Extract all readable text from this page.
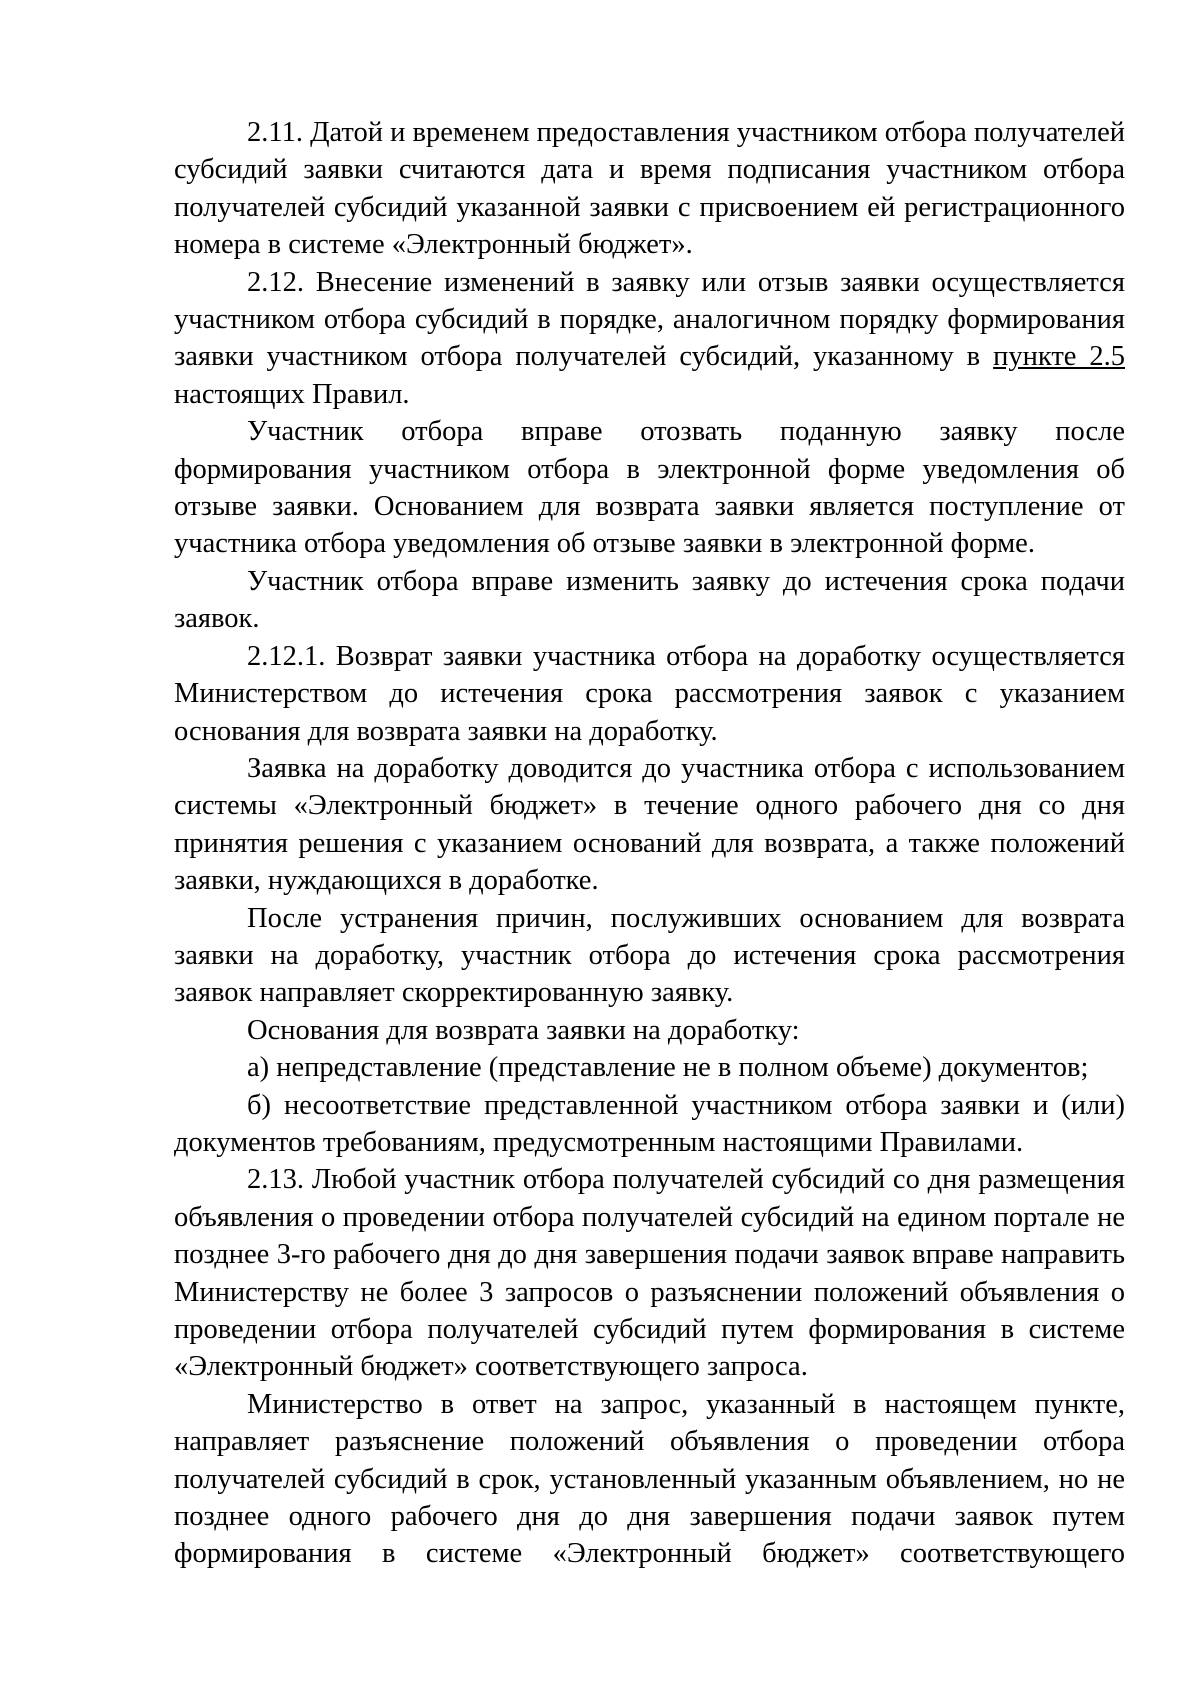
2.11. Датой и временем предоставления участником отбора получателей субсидий заявки считаются дата и время подписания участником отбора получателей субсидий указанной заявки с присвоением ей регистрационного номера в системе «Электронный бюджет».

2.12. Внесение изменений в заявку или отзыв заявки осуществляется участником отбора субсидий в порядке, аналогичном порядку формирования заявки участником отбора получателей субсидий, указанному в пункте 2.5 настоящих Правил.

Участник отбора вправе отозвать поданную заявку после формирования участником отбора в электронной форме уведомления об отзыве заявки. Основанием для возврата заявки является поступление от участника отбора уведомления об отзыве заявки в электронной форме.

Участник отбора вправе изменить заявку до истечения срока подачи заявок.

2.12.1. Возврат заявки участника отбора на доработку осуществляется Министерством до истечения срока рассмотрения заявок с указанием основания для возврата заявки на доработку.

Заявка на доработку доводится до участника отбора с использованием системы «Электронный бюджет» в течение одного рабочего дня со дня принятия решения с указанием оснований для возврата, а также положений заявки, нуждающихся в доработке.

После устранения причин, послуживших основанием для возврата заявки на доработку, участник отбора до истечения срока рассмотрения заявок направляет скорректированную заявку.

Основания для возврата заявки на доработку:

а) непредставление (представление не в полном объеме) документов;

б) несоответствие представленной участником отбора заявки и (или) документов требованиям, предусмотренным настоящими Правилами.

2.13. Любой участник отбора получателей субсидий со дня размещения объявления о проведении отбора получателей субсидий на едином портале не позднее 3-го рабочего дня до дня завершения подачи заявок вправе направить Министерству не более 3 запросов о разъяснении положений объявления о проведении отбора получателей субсидий путем формирования в системе «Электронный бюджет» соответствующего запроса.

Министерство в ответ на запрос, указанный в настоящем пункте, направляет разъяснение положений объявления о проведении отбора получателей субсидий в срок, установленный указанным объявлением, но не позднее одного рабочего дня до дня завершения подачи заявок путем формирования в системе «Электронный бюджет» соответствующего
